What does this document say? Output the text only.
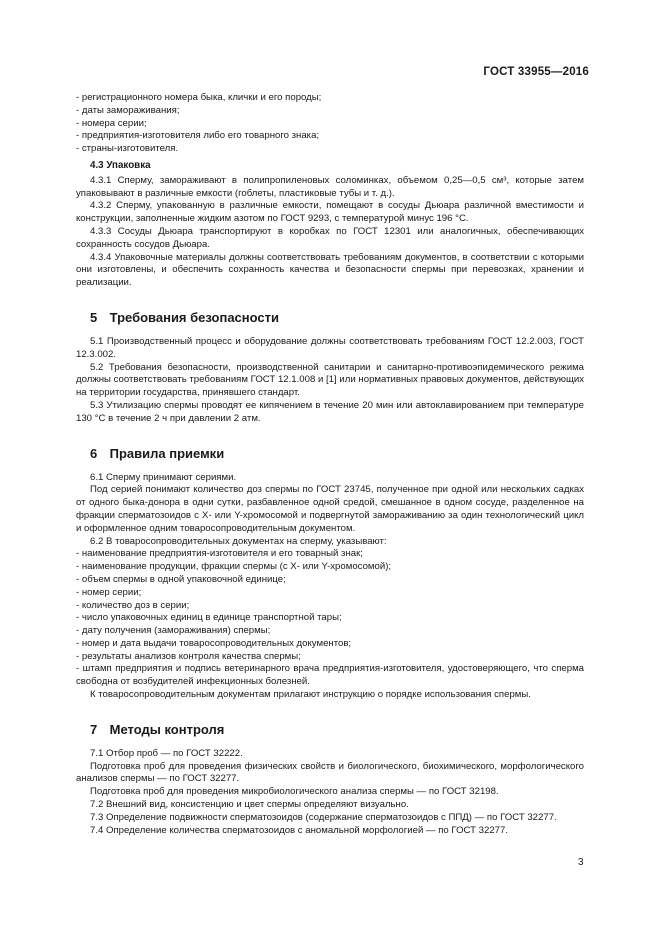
ГОСТ 33955—2016

- регистрационного номера быка, клички и его породы;

- даты замораживания;

- номера серии;

- предприятия-изготовителя либо его товарного знака;

- страны-изготовителя.

4.3 Упаковка

4.3.1 Сперму, замораживают в полипропиленовых соломинках, объемом 0,25—0,5 см³, которые затем упаковывают в различные емкости (гоблеты, пластиковые тубы и т. д.).

4.3.2 Сперму, упакованную в различные емкости, помещают в сосуды Дьюара различной вместимости и конструкции, заполненные жидким азотом по ГОСТ 9293, с температурой минус 196 °С.

4.3.3 Сосуды Дьюара транспортируют в коробках по ГОСТ 12301 или аналогичных, обеспечивающих сохранность сосудов Дьюара.

4.3.4 Упаковочные материалы должны соответствовать требованиям документов, в соответствии с которыми они изготовлены, и обеспечить сохранность качества и безопасности спермы при перевозках, хранении и реализации.

5 Требования безопасности

5.1 Производственный процесс и оборудование должны соответствовать требованиям ГОСТ 12.2.003, ГОСТ 12.3.002.

5.2 Требования безопасности, производственной санитарии и санитарно-противоэпидемического режима должны соответствовать требованиям ГОСТ 12.1.008 и [1] или нормативных правовых документов, действующих на территории государства, принявшего стандарт.

5.3 Утилизацию спермы проводят ее кипячением в течение 20 мин или автоклавированием при температуре 130 °С в течение 2 ч при давлении 2 атм.

6 Правила приемки

6.1 Сперму принимают сериями.

Под серией понимают количество доз спермы по ГОСТ 23745, полученное при одной или нескольких садках от одного быка-донора в одни сутки, разбавленное одной средой, смешанное в одном сосуде, разделенное на фракции сперматозоидов с X- или Y-хромосомой и подвергнутой замораживанию за один технологический цикл и оформленное одним товаросопроводительным документом.

6.2 В товаросопроводительных документах на сперму, указывают:

- наименование предприятия-изготовителя и его товарный знак;

- наименование продукции, фракции спермы (с X- или Y-хромосомой);

- объем спермы в одной упаковочной единице;

- номер серии;

- количество доз в серии;

- число упаковочных единиц в единице транспортной тары;

- дату получения (замораживания) спермы;

- номер и дата выдачи товаросопроводительных документов;

- результаты анализов контроля качества спермы;

- штамп предприятия и подпись ветеринарного врача предприятия-изготовителя, удостоверяющего, что сперма свободна от возбудителей инфекционных болезней.

К товаросопроводительным документам прилагают инструкцию о порядке использования спермы.

7 Методы контроля

7.1 Отбор проб — по ГОСТ 32222.

Подготовка проб для проведения физических свойств и биологического, биохимического, морфологического анализов спермы — по ГОСТ 32277.

Подготовка проб для проведения микробиологического анализа спермы — по ГОСТ 32198.

7.2 Внешний вид, консистенцию и цвет спермы определяют визуально.

7.3 Определение подвижности сперматозоидов (содержание сперматозоидов с ППД) — по ГОСТ 32277.

7.4 Определение количества сперматозоидов с аномальной морфологией — по ГОСТ 32277.

3
